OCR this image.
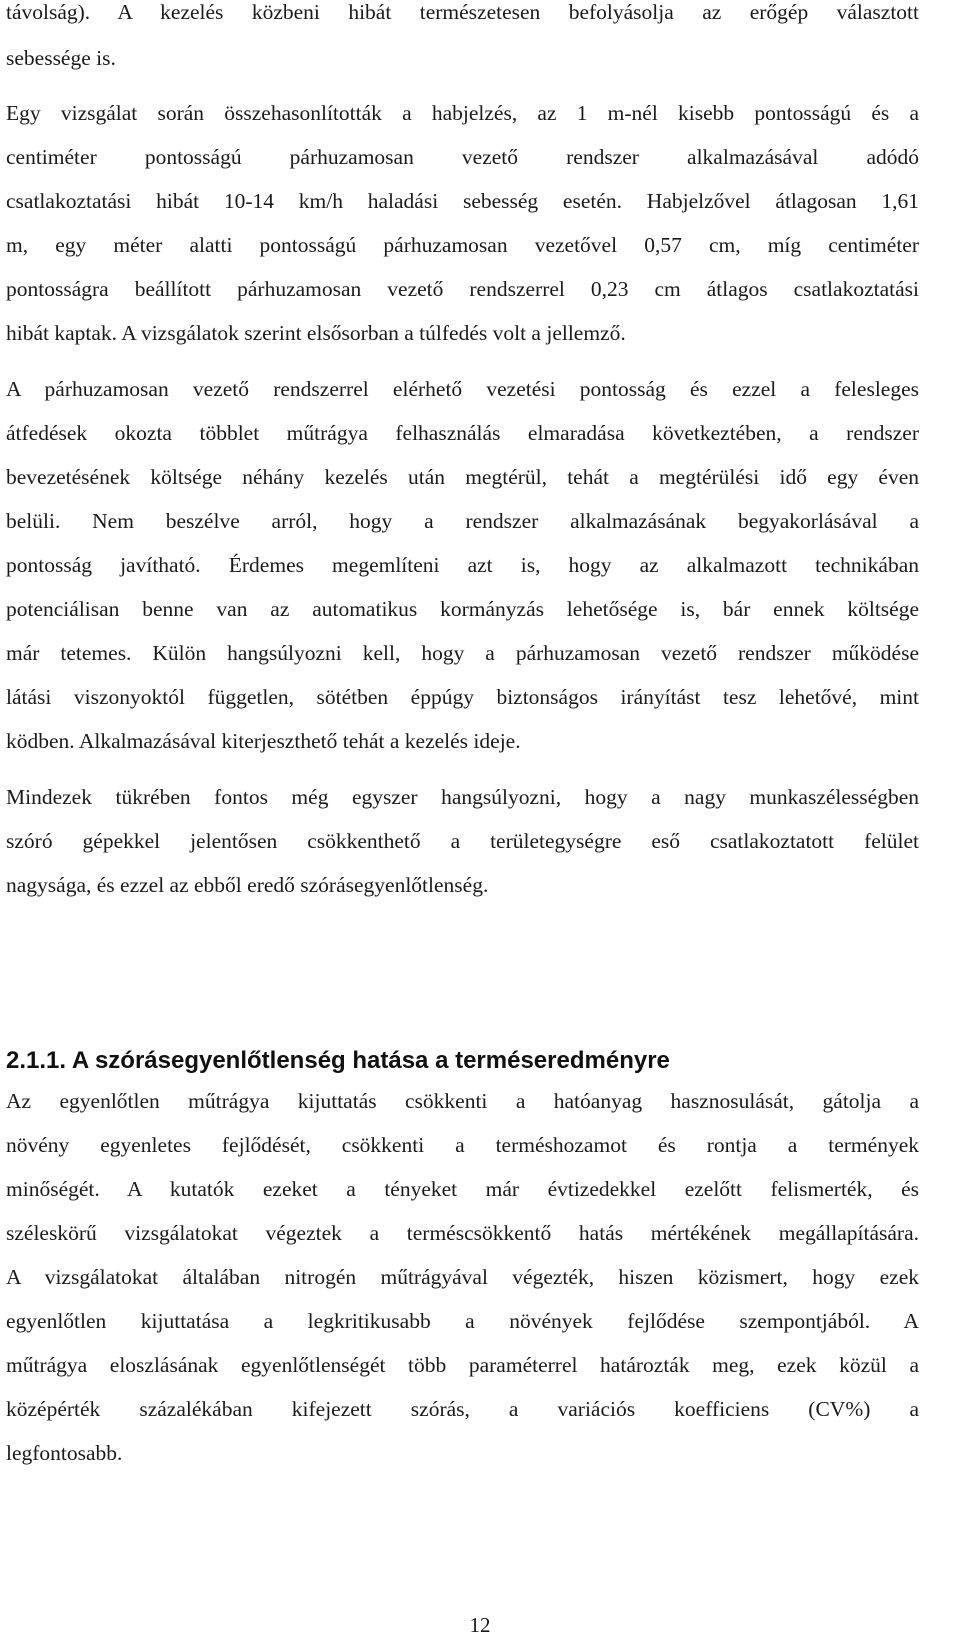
távolság). A kezelés közbeni hibát természetesen befolyásolja az erőgép választott
sebessége is.
Egy vizsgálat során összehasonlították a habjelzés, az 1 m-nél kisebb pontosságú és a
centiméter pontosságú párhuzamosan vezető rendszer alkalmazásával adódó
csatlakoztatási hibát 10-14 km/h haladási sebesség esetén. Habjelzővel átlagosan 1,61
m, egy méter alatti pontosságú párhuzamosan vezetővel 0,57 cm, míg centiméter
pontosságra beállított párhuzamosan vezető rendszerrel 0,23 cm átlagos csatlakoztatási
hibát kaptak. A vizsgálatok szerint elsősorban a túlfedés volt a jellemző.
A párhuzamosan vezető rendszerrel elérhető vezetési pontosság és ezzel a felesleges
átfedések okozta többlet műtrágya felhasználás elmaradása következtében, a rendszer
bevezetésének költsége néhány kezelés után megtérül, tehát a megtérülési idő egy éven
belüli. Nem beszélve arról, hogy a rendszer alkalmazásának begyakorlásával a
pontosság javítható. Érdemes megemlíteni azt is, hogy az alkalmazott technikában
potenciálisan benne van az automatikus kormányzás lehetősége is, bár ennek költsége
már tetemes. Külön hangsúlyozni kell, hogy a párhuzamosan vezető rendszer működése
látási viszonyoktól független, sötétben éppúgy biztonságos irányítást tesz lehetővé, mint
ködben. Alkalmazásával kiterjeszthető tehát a kezelés ideje.
Mindezek tükrében fontos még egyszer hangsúlyozni, hogy a nagy munkaszélességben
szóró gépekkel jelentősen csökkenthető a területegységre eső csatlakoztatott felület
nagysága, és ezzel az ebből eredő szórásegyenlőtlenség.
2.1.1. A szórásegyenlőtlenség hatása a terméseredményre
Az egyenlőtlen műtrágya kijuttatás csökkenti a hatóanyag hasznosulását, gátolja a
növény egyenletes fejlődését, csökkenti a terméshozamot és rontja a termények
minőségét. A kutatók ezeket a tényeket már évtizedekkel ezelőtt felismerték, és
széleskörű vizsgálatokat végeztek a terméscsökkentő hatás mértékének megállapítására.
A vizsgálatokat általában nitrogén műtrágyával végezték, hiszen közismert, hogy ezek
egyenlőtlen kijuttatása a legkritikusabb a növények fejlődése szempontjából. A
műtrágya eloszlásának egyenlőtlenségét több paraméterrel határozták meg, ezek közül a
középérték százalékában kifejezett szórás, a variációs koefficiens (CV%) a
legfontosabb.
12
